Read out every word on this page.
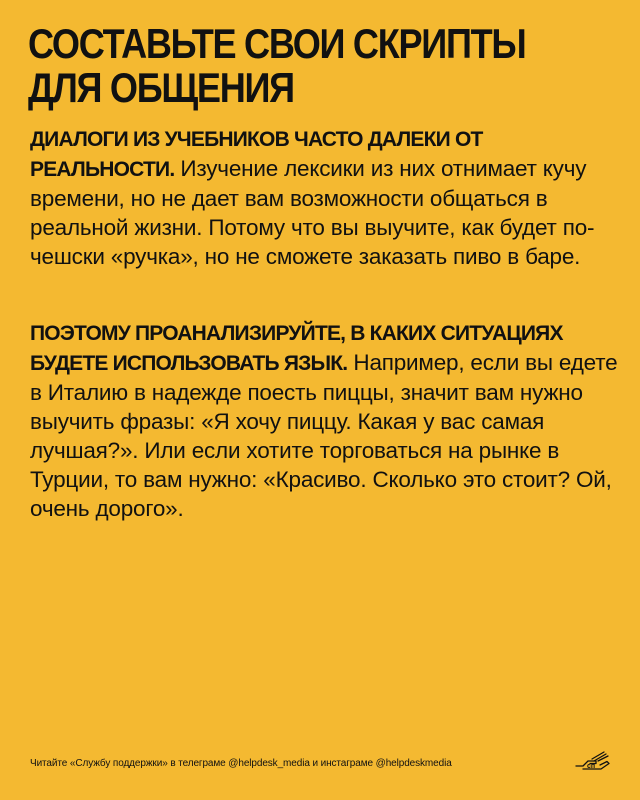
СОСТАВЬТЕ СВОИ СКРИПТЫ
ДЛЯ ОБЩЕНИЯ

ДИАЛОГИ ИЗ УЧЕБНИКОВ ЧАСТО ДАЛЕКИ ОТ РЕАЛЬНОСТИ. Изучение лексики из них отнимает кучу времени, но не дает вам возможности общаться в реальной жизни. Потому что вы выучите, как будет по-чешски «ручка», но не сможете заказать пиво в баре.

ПОЭТОМУ ПРОАНАЛИЗИРУЙТЕ, В КАКИХ СИТУАЦИЯХ БУДЕТЕ ИСПОЛЬЗОВАТЬ ЯЗЫК. Например, если вы едете в Италию в надежде поесть пиццы, значит вам нужно выучить фразы: «Я хочу пиццу. Какая у вас самая лучшая?». Или если хотите торговаться на рынке в Турции, то вам нужно: «Красиво. Сколько это стоит? Ой, очень дорого».

Читайте «Службу поддержки» в телеграме @helpdesk_media и инстаграме @helpdeskmedia	сп
